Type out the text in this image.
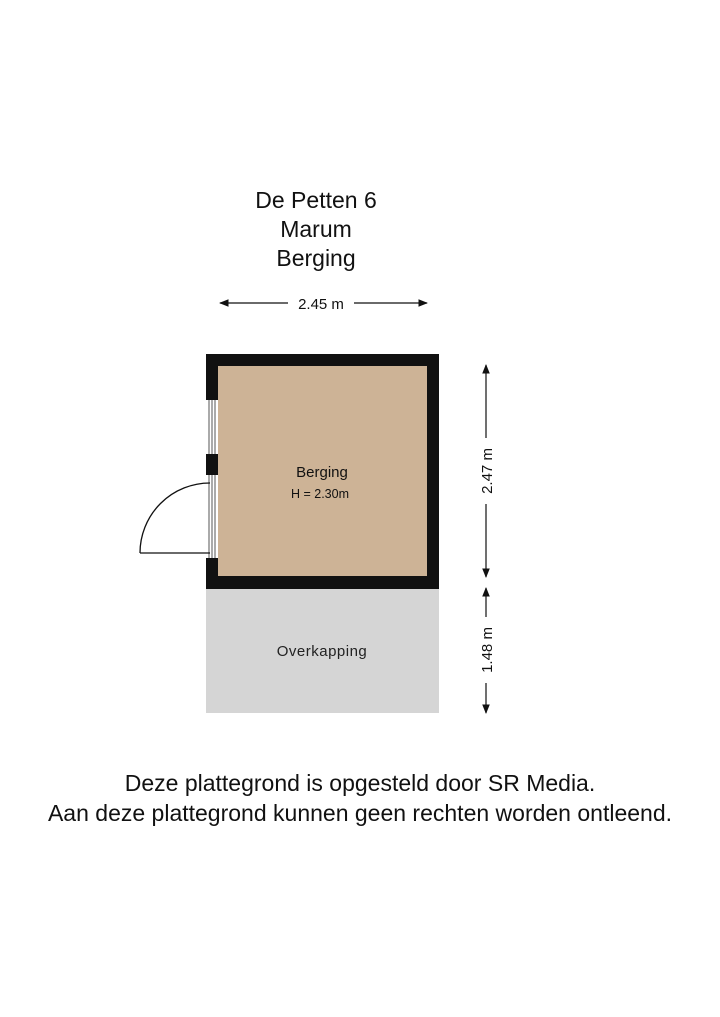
De Petten 6
Marum
Berging
2.45 m
Overkapping
Berging
H = 2.30m
2.47 m
1.48 m
Deze plattegrond is opgesteld door SR Media.
Aan deze plattegrond kunnen geen rechten worden ontleend.
